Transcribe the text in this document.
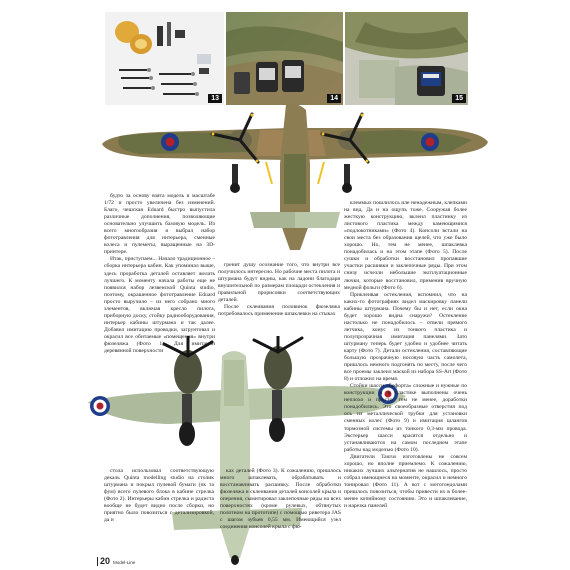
13	14	15

будто за основу взята модель в масштабе 1/72 и просто увеличена без изменений. Благо, чешская Eduard быстро выпустила различные дополнения, позволяющие основательно улучшить базовую модель. Из всего многообразия я выбрал набор фототравления для интерьера, сменные колеса и пулеметы, выращенные на 3D-принтере.

Итак, приступаем... Начало традиционное – сборка интерьера кабин. Как упоминал выше, здесь проработка деталей оставляет желать лучшего. К моменту начала работы еще не появился набор лезвенской Quinta studio, поэтому, окрашенное фототравление Eduard просто выручило – из него собрано много элементов, включая кресло пилота, приборную доску, стойку радиооборудования, интерьер кабины штурмана и так далее. Добавил имитацию проводки, загрунтовал и окрасил все обитаемые «помещения» внутри фюзеляжа (Фото 1). Для имитации деревянной поверхности

гренит душу осознание того, что внутри все получилось интересно. Но рабочие места пилота и штурмана будут видны, как на ладони благодаря внушительной по размерам площади остекления и правильной прорисовки соответствующих деталей.

После склеивания половинок фюзеляжа потребовалось применение шпаклевки на стыках

клеммых пошлилось иле ненадежным, клепками на вид. Да и на ощупь тоже. Сооружая более жесткую конструкцию, вклеил пластинку из листового пластика между камеющимися «подлокотниками» (Фото 4). Консоли встали на свои места без образования щелей, что уже было хорошо. Но, тем не менее, шпаклевка понадобилась и на этом этапе (Фото 5). После сушки и обработки восстановил пропавшие участки расшивки и заклепочные ряды. При этом снизу исчезли небольшие эксплуатационные лючки, которые восстановил, применив вручную медной фольги (Фото 6).

Приклеивая остекления, вспомнил, что на каких-то фотографиях видел маскировку панели кабины штурмана. Почему бы и нет, если окна будет хорошо видна снаружи? Остекление настолько не понадобилось – отвели прямого летчика, конус из тонкого пластика и полупрозрачная имитация панелями. Зато штурману теперь будет удобно и удобнее читать карту (Фото 7). Детали остекления, составляющие большую прозрачную носовую часть самолета, пришлось немного подгонять по месту, после чего все проемы заклеил маской из набора SS-Art (Фото 8) и отложил на время.

Стойки шасси «Бофорта» сложные и нужные по конструкции и в пластике выполнены очень неплохо и просто, тем не менее, доработки понадобились. Это своеобразные отверстия под ось из металлической трубки для установки сменных колес (Фото 9) и имитация шлангов тормозной системы из тонкого 0,3-мм провода. Экстерьер шасси красятся отдельно и устанавливаются на самом последнем этапе работы над моделью (Фото 10).

Двигатели Taurus изготовлены не совсем хорошо, но вполне приемлемо. К сожалению, никаких лучших альтернатив не нашлось, просто собрал имеющиеся на моменте, окрасил и немного тонировал (Фото 11). А вот с мотогондолами пришлось повозиться, чтобы привести их в более-менее копийному состоянию. Это и шпаклевание, и нарезка панелей

стола использовал соответствующую декаль Quinta modelling studio на столик штурмана и покрыл пулевой бумаги (пк та фум) всего пулевого блока в кабине стрелка (Фото 2). Интерьеры кабин стрелка и радиста вообще не будет видно после сборки, но приятно было повозиться с детализировкой, да и

ках деталей (Фото 3). К сожалению, пришлось много шпаклевать, обрабатывать и восстанавливать расшивку. После обработки фюзеляжа и склеивания деталей консолей крыла и оперения, сымитировал заклепочные ряды на всех поверхностях (кроме рулевых, обтянутых полотном на прототипе) с помощью риветера JAS с шагом зубьев 0,55 мм. Имеющийся узел соединения консолей крыла с фю-

20 Model-Line
